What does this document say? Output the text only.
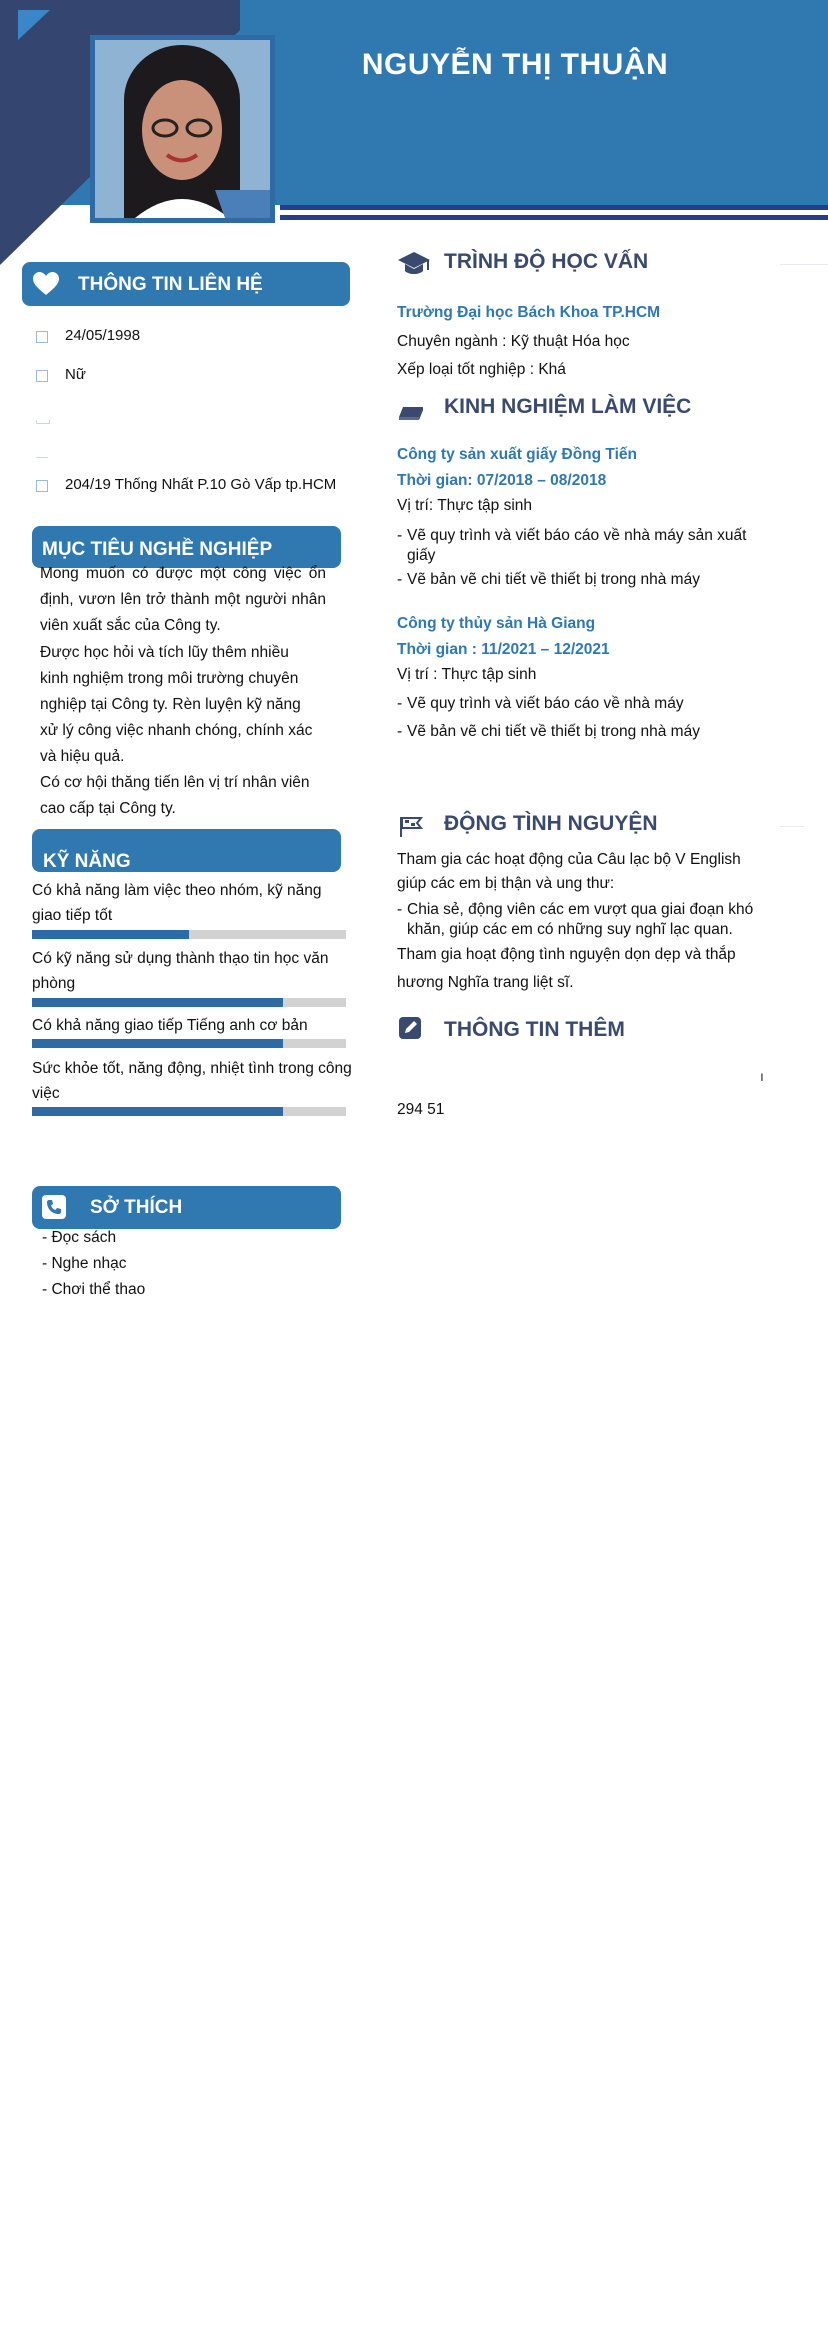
NGUYỄN THỊ THUẬN
THÔNG TIN LIÊN HỆ
24/05/1998
Nữ
204/19 Thống Nhất P.10 Gò Vấp tp.HCM
MỤC TIÊU NGHỀ NGHIỆP
Mong muốn có được một công việc ổn
định, vươn lên trở thành một người nhân
viên xuất sắc của Công ty.
Được học hỏi và tích lũy thêm nhiều
kinh nghiệm trong môi trường chuyên
nghiệp tại Công ty. Rèn luyện kỹ năng
xử lý công việc nhanh chóng, chính xác
và hiệu quả.
Có cơ hội thăng tiến lên vị trí nhân viên
cao cấp tại Công ty.
KỸ NĂNG
Có khả năng làm việc theo nhóm, kỹ năng giao tiếp tốt
Có kỹ năng sử dụng thành thạo tin học văn phòng
Có khả năng giao tiếp Tiếng anh cơ bản
Sức khỏe tốt, năng động, nhiệt tình trong công việc
SỞ THÍCH
- Đọc sách
- Nghe nhạc
- Chơi thể thao
TRÌNH ĐỘ HỌC VẤN
Trường Đại học Bách Khoa TP.HCM
Chuyên ngành : Kỹ thuật Hóa học
Xếp loại tốt nghiệp : Khá
KINH NGHIỆM LÀM VIỆC
Công ty sản xuất giấy Đồng Tiến
Thời gian: 07/2018 – 08/2018
Vị trí: Thực tập sinh
- Vẽ quy trình và viết báo cáo về nhà máy sản xuất giấy
- Vẽ bản vẽ chi tiết về thiết bị trong nhà máy
Công ty thủy sản Hà Giang
Thời gian : 11/2021 – 12/2021
Vị trí : Thực tập sinh
- Vẽ quy trình và viết báo cáo về nhà máy
- Vẽ bản vẽ chi tiết về thiết bị trong nhà máy
ĐỘNG TÌNH NGUYỆN
Tham gia các hoạt động của Câu lạc bộ V English
giúp các em bị thận và ung thư:
- Chia sẻ, động viên các em vượt qua giai đoạn khó khăn, giúp các em có những suy nghĩ lạc quan.
Tham gia hoạt động tình nguyện dọn dẹp và thắp
hương Nghĩa trang liệt sĩ.
THÔNG TIN THÊM
ı
294 51
